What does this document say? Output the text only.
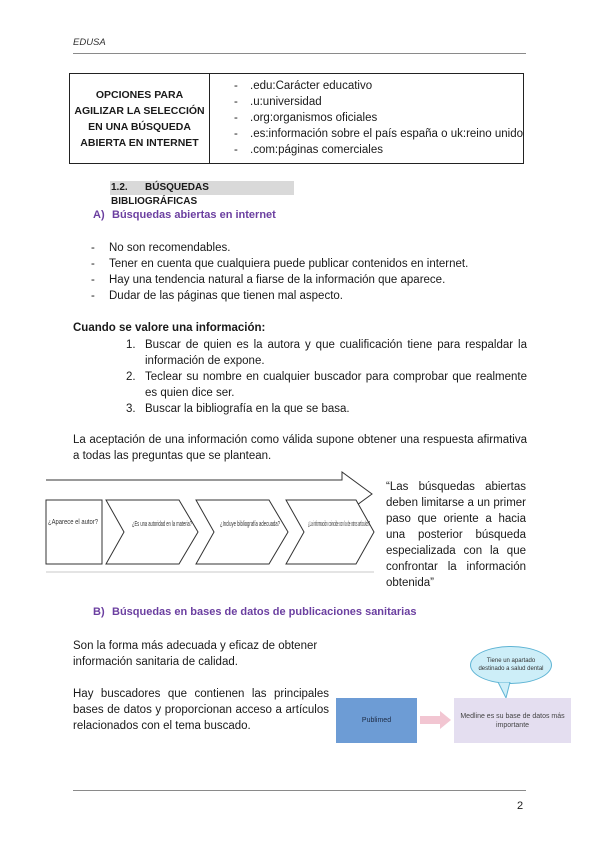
EDUSA
OPCIONES PARA AGILIZAR LA SELECCIÓN EN UNA BÚSQUEDA ABIERTA EN INTERNET
- .edu:Carácter educativo
- .u:universidad
- .org:organismos oficiales
- .es:información sobre el país españa o uk:reino unido
- .com:páginas comerciales
1.2. BÚSQUEDAS BIBLIOGRÁFICAS
A) Búsquedas abiertas en internet
- No son recomendables.
- Tener en cuenta que cualquiera puede publicar contenidos en internet.
- Hay una tendencia natural a fiarse de la información que aparece.
- Dudar de las páginas que tienen mal aspecto.
Cuando se valore una información:
1. Buscar de quien es la autora y que cualificación tiene para respaldar la información de expone.
2. Teclear su nombre en cualquier buscador para comprobar que realmente es quien dice ser.
3. Buscar la bibliografía en la que se basa.
La aceptación de una información como válida supone obtener una respuesta afirmativa a todas las preguntas que se plantean.
¿Aparece el autor?	¿Es una autoridad en la materia?	¿Incluye bibliografía adecuada?	¿La información coincide con la de otros artículos?
“Las búsquedas abiertas deben limitarse a un primer paso que oriente a hacia una posterior búsqueda especializada con la que confrontar la información obtenida”
B) Búsquedas en bases de datos de publicaciones sanitarias
Son la forma más adecuada y eficaz de obtener información sanitaria de calidad.
Hay buscadores que contienen las principales bases de datos y proporcionan acceso a artículos relacionados con el tema buscado.
Tiene un apartado destinado a salud dental
Publimed
Medline es su base de datos más importante
2
